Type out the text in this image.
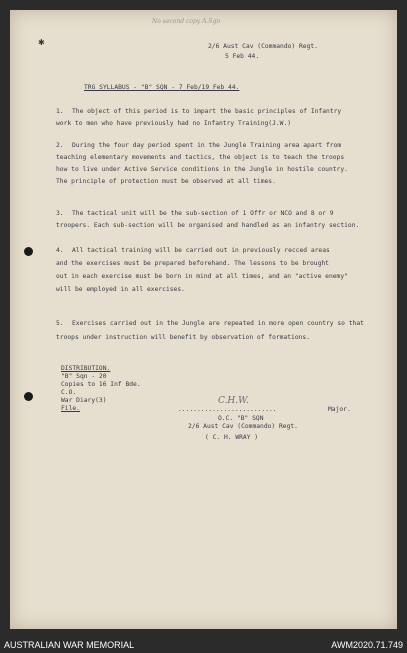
No second copy A.Sgn
2/6 Aust Cav (Commando) Regt.
5 Feb 44.
TRG SYLLABUS - "B" SQN - 7 Feb/19 Feb 44.
1. The object of this period is to impart the basic principles of Infantry
work to men who have previously had no Infantry Training(J.W.)
2. During the four day period spent in the Jungle Training area apart from
teaching elementary movements and tactics, the object is to teach the troops
how to live under Active Service conditions in the Jungle in hostile country.
The principle of protection must be observed at all times.
3. The tactical unit will be the sub-section of 1 Offr or NCO and 8 or 9
troopers. Each sub-section will be organised and handled as an infantry section.
4. All tactical training will be carried out in previously recced areas
and the exercises must be prepared beforehand. The lessons to be brought
out in each exercise must be born in mind at all times, and an "active enemy"
will be employed in all exercises.
5. Exercises carried out in the Jungle are repeated in more open country so that
troops under instruction will benefit by observation of formations.
DISTRIBUTION.
"B" Sqn - 20
Copies to 16 Inf Bde.
C.O.
War Diary(3)
File.
C.H.W.
..........................	Major.
O.C. "B" SQN
2/6 Aust Cav (Commando) Regt.
( C. H. WRAY )
✱
AUSTRALIAN WAR MEMORIAL	AWM2020.71.749
